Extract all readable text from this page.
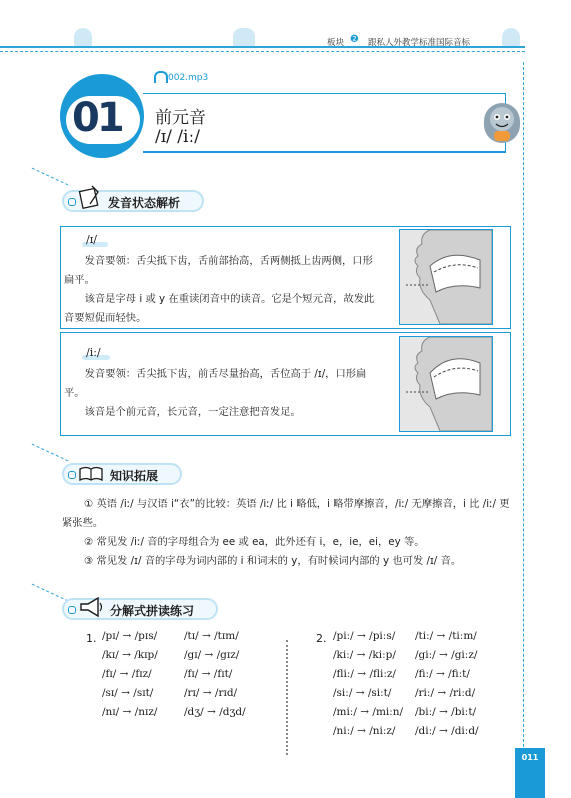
板块 ❷ 跟私人外教学标准国际音标
01
002.mp3
前元音
/ɪ/ /iː/
发音状态解析
/ɪ/
发音要领：舌尖抵下齿，舌前部抬高，舌两侧抵上齿两侧，口形扁平。
该音是字母 i 或 y 在重读闭音中的读音。它是个短元音，故发此音要短促而轻快。
/iː/
发音要领：舌尖抵下齿，前舌尽量抬高，舌位高于 /ɪ/，口形扁平。
该音是个前元音，长元音，一定注意把音发足。
知识拓展
① 英语 /iː/ 与汉语 i“衣”的比较：英语 /iː/ 比 i 略低，i 略带摩擦音，/iː/ 无摩擦音，i 比 /iː/ 更紧张些。
② 常见发 /iː/ 音的字母组合为 ee 或 ea，此外还有 i，e，ie，ei，ey 等。
③ 常见发 /ɪ/ 音的字母为词内部的 i 和词末的 y，有时候词内部的 y 也可发 /ɪ/ 音。
分解式拼读练习
1. /pɪ/ → /pɪs/
/kɪ/ → /kɪp/
/fɪ/ → /fɪz/
/sɪ/ → /sɪt/
/nɪ/ → /nɪz/
/tɪ/ → /tɪm/
/gɪ/ → /gɪz/
/fɪ/ → /fɪt/
/rɪ/ → /rɪd/
/dʒ/ → /dʒd/
2. /piː/ → /piːs/
/kiː/ → /kiːp/
/fliː/ → /fliːz/
/siː/ → /siːt/
/miː/ → /miːn/
/niː/ → /niːz/
/tiː/ → /tiːm/
/giː/ → /giːz/
/fiː/ → /fiːt/
/riː/ → /riːd/
/biː/ → /biːt/
/diː/ → /diːd/
011
